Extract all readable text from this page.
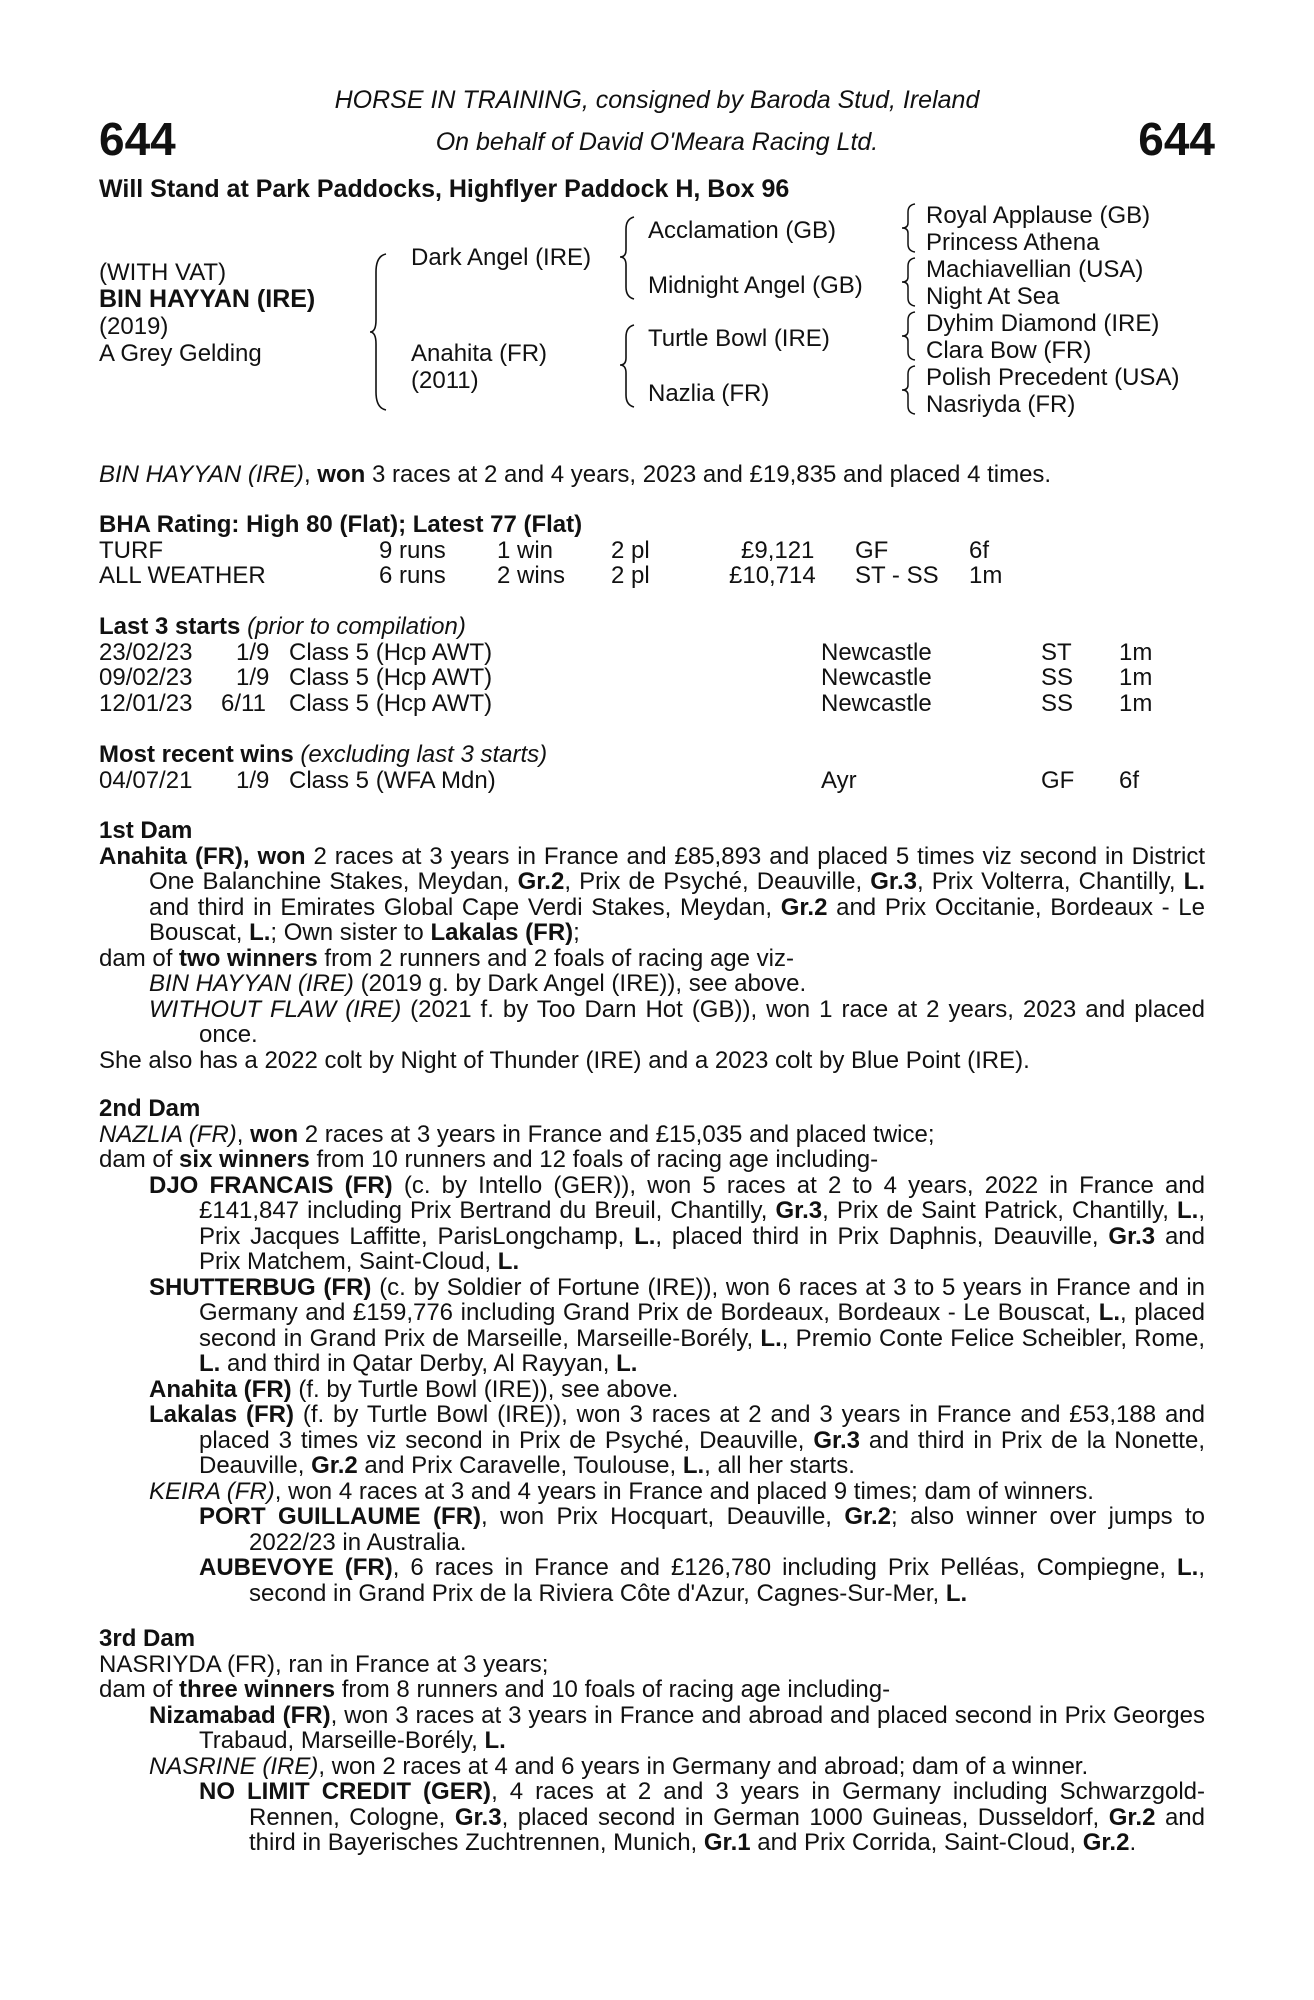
644	644
HORSE IN TRAINING, consigned by Baroda Stud, Ireland
On behalf of David O'Meara Racing Ltd.
Will Stand at Park Paddocks, Highflyer Paddock H, Box 96
(WITH VAT)
BIN HAYYAN (IRE)
(2019)
A Grey Gelding
Dark Angel (IRE)
Anahita (FR)
(2011)
Acclamation (GB)
Midnight Angel (GB)
Turtle Bowl (IRE)
Nazlia (FR)
Royal Applause (GB)
Princess Athena
Machiavellian (USA)
Night At Sea
Dyhim Diamond (IRE)
Clara Bow (FR)
Polish Precedent (USA)
Nasriyda (FR)
BIN HAYYAN (IRE), won 3 races at 2 and 4 years, 2023 and £19,835 and placed 4 times.
BHA Rating: High 80 (Flat); Latest 77 (Flat)
TURF	9 runs 1 win 2 pl	£9,121 GF	6f
ALL WEATHER	6 runs 2 wins 2 pl	£10,714 ST - SS 1m
Last 3 starts (prior to compilation)
23/02/23 1/9 Class 5 (Hcp AWT)	Newcastle	ST 1m
09/02/23 1/9 Class 5 (Hcp AWT)	Newcastle	SS 1m
12/01/23 6/11 Class 5 (Hcp AWT)	Newcastle	SS 1m
Most recent wins (excluding last 3 starts)
04/07/21 1/9 Class 5 (WFA Mdn)	Ayr	GF 6f
1st Dam
Anahita (FR), won 2 races at 3 years in France and £85,893 and placed 5 times viz second in District One Balanchine Stakes, Meydan, Gr.2, Prix de Psyché, Deauville, Gr.3, Prix Volterra, Chantilly, L. and third in Emirates Global Cape Verdi Stakes, Meydan, Gr.2 and Prix Occitanie, Bordeaux - Le Bouscat, L.; Own sister to Lakalas (FR);
dam of two winners from 2 runners and 2 foals of racing age viz-
BIN HAYYAN (IRE) (2019 g. by Dark Angel (IRE)), see above.
WITHOUT FLAW (IRE) (2021 f. by Too Darn Hot (GB)), won 1 race at 2 years, 2023 and placed once.
She also has a 2022 colt by Night of Thunder (IRE) and a 2023 colt by Blue Point (IRE).
2nd Dam
NAZLIA (FR), won 2 races at 3 years in France and £15,035 and placed twice;
dam of six winners from 10 runners and 12 foals of racing age including-
DJO FRANCAIS (FR) (c. by Intello (GER)), won 5 races at 2 to 4 years, 2022 in France and £141,847 including Prix Bertrand du Breuil, Chantilly, Gr.3, Prix de Saint Patrick, Chantilly, L., Prix Jacques Laffitte, ParisLongchamp, L., placed third in Prix Daphnis, Deauville, Gr.3 and Prix Matchem, Saint-Cloud, L.
SHUTTERBUG (FR) (c. by Soldier of Fortune (IRE)), won 6 races at 3 to 5 years in France and in Germany and £159,776 including Grand Prix de Bordeaux, Bordeaux - Le Bouscat, L., placed second in Grand Prix de Marseille, Marseille-Borély, L., Premio Conte Felice Scheibler, Rome, L. and third in Qatar Derby, Al Rayyan, L.
Anahita (FR) (f. by Turtle Bowl (IRE)), see above.
Lakalas (FR) (f. by Turtle Bowl (IRE)), won 3 races at 2 and 3 years in France and £53,188 and placed 3 times viz second in Prix de Psyché, Deauville, Gr.3 and third in Prix de la Nonette, Deauville, Gr.2 and Prix Caravelle, Toulouse, L., all her starts.
KEIRA (FR), won 4 races at 3 and 4 years in France and placed 9 times; dam of winners.
PORT GUILLAUME (FR), won Prix Hocquart, Deauville, Gr.2; also winner over jumps to 2022/23 in Australia.
AUBEVOYE (FR), 6 races in France and £126,780 including Prix Pelléas, Compiegne, L., second in Grand Prix de la Riviera Côte d'Azur, Cagnes-Sur-Mer, L.
3rd Dam
NASRIYDA (FR), ran in France at 3 years;
dam of three winners from 8 runners and 10 foals of racing age including-
Nizamabad (FR), won 3 races at 3 years in France and abroad and placed second in Prix Georges Trabaud, Marseille-Borély, L.
NASRINE (IRE), won 2 races at 4 and 6 years in Germany and abroad; dam of a winner.
NO LIMIT CREDIT (GER), 4 races at 2 and 3 years in Germany including Schwarzgold-Rennen, Cologne, Gr.3, placed second in German 1000 Guineas, Dusseldorf, Gr.2 and third in Bayerisches Zuchtrennen, Munich, Gr.1 and Prix Corrida, Saint-Cloud, Gr.2.
